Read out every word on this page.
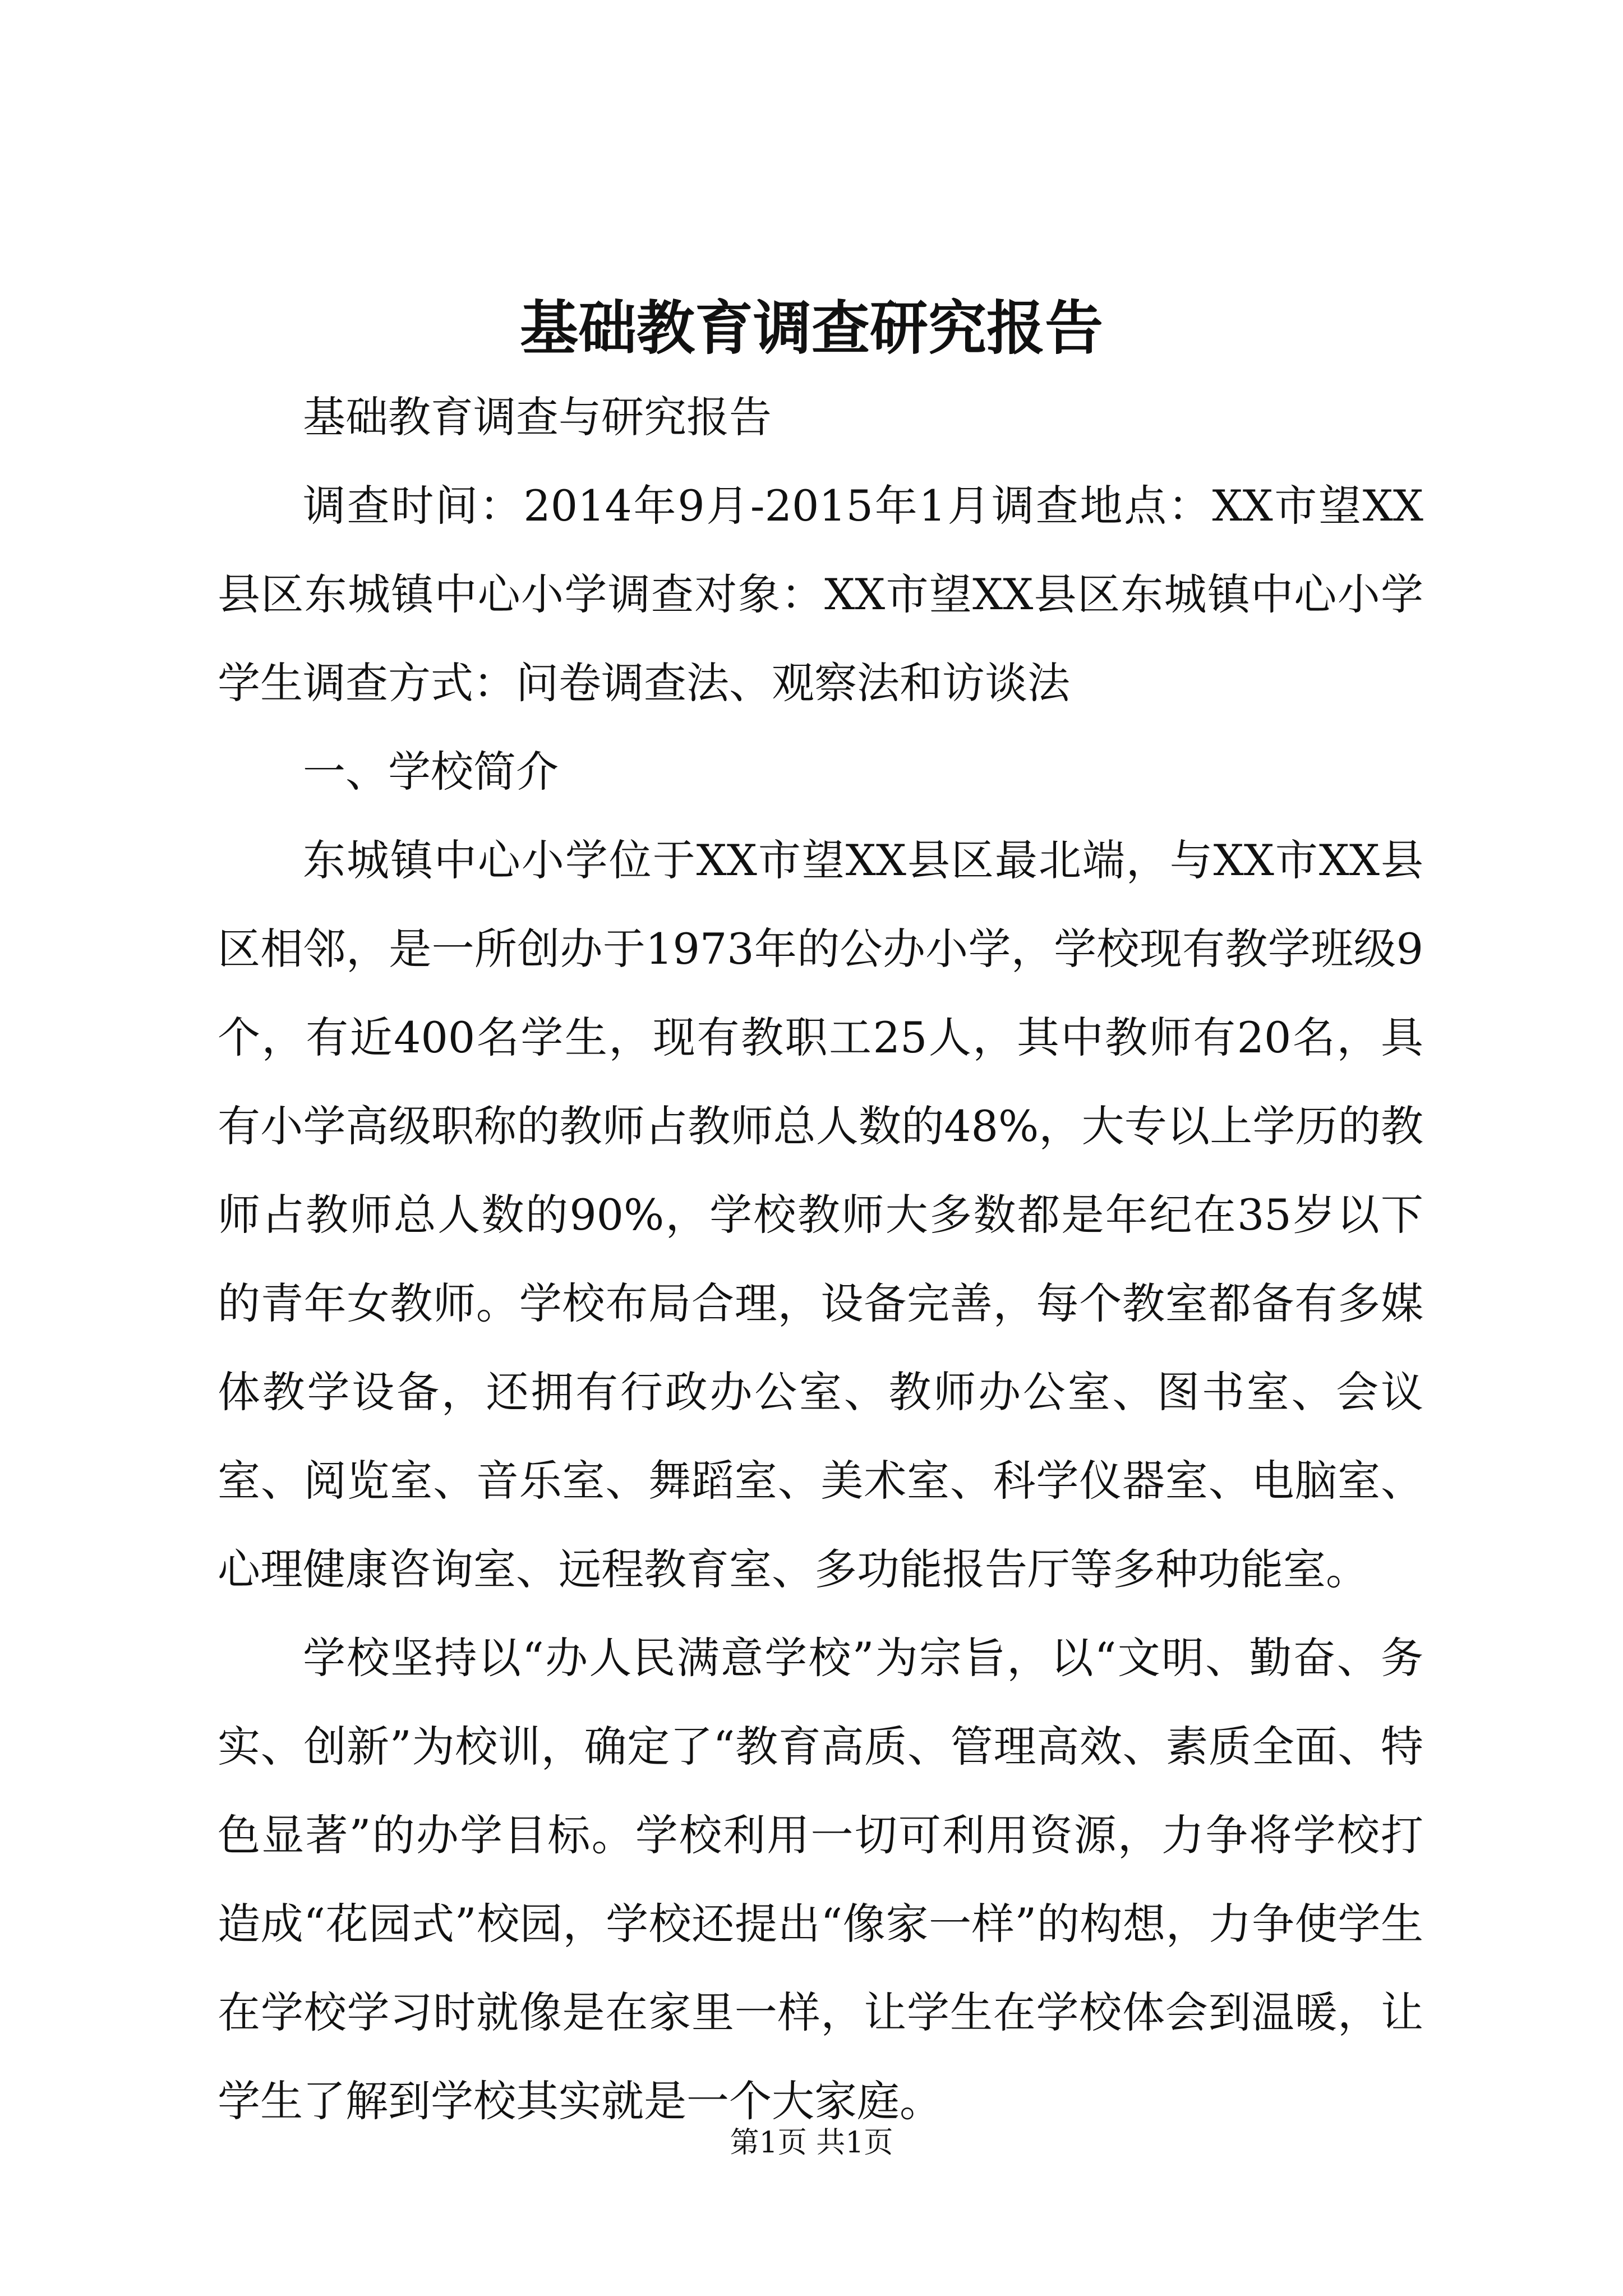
基础教育调查研究报告

基础教育调查与研究报告

调查时间：2014年9月-2015年1月调查地点：XX市望XX县区东城镇中心小学调查对象：XX市望XX县区东城镇中心小学学生调查方式：问卷调查法、观察法和访谈法

一、学校简介

东城镇中心小学位于XX市望XX县区最北端，与XX市XX县区相邻，是一所创办于1973年的公办小学，学校现有教学班级9个，有近400名学生，现有教职工25人，其中教师有20名，具有小学高级职称的教师占教师总人数的48%，大专以上学历的教师占教师总人数的90%，学校教师大多数都是年纪在35岁以下的青年女教师。学校布局合理，设备完善，每个教室都备有多媒体教学设备，还拥有行政办公室、教师办公室、图书室、会议室、阅览室、音乐室、舞蹈室、美术室、科学仪器室、电脑室、心理健康咨询室、远程教育室、多功能报告厅等多种功能室。

学校坚持以“办人民满意学校”为宗旨，以“文明、勤奋、务实、创新”为校训，确定了“教育高质、管理高效、素质全面、特色显著”的办学目标。学校利用一切可利用资源，力争将学校打造成“花园式”校园，学校还提出“像家一样”的构想，力争使学生在学校学习时就像是在家里一样，让学生在学校体会到温暖，让学生了解到学校其实就是一个大家庭。

第1页 共1页
